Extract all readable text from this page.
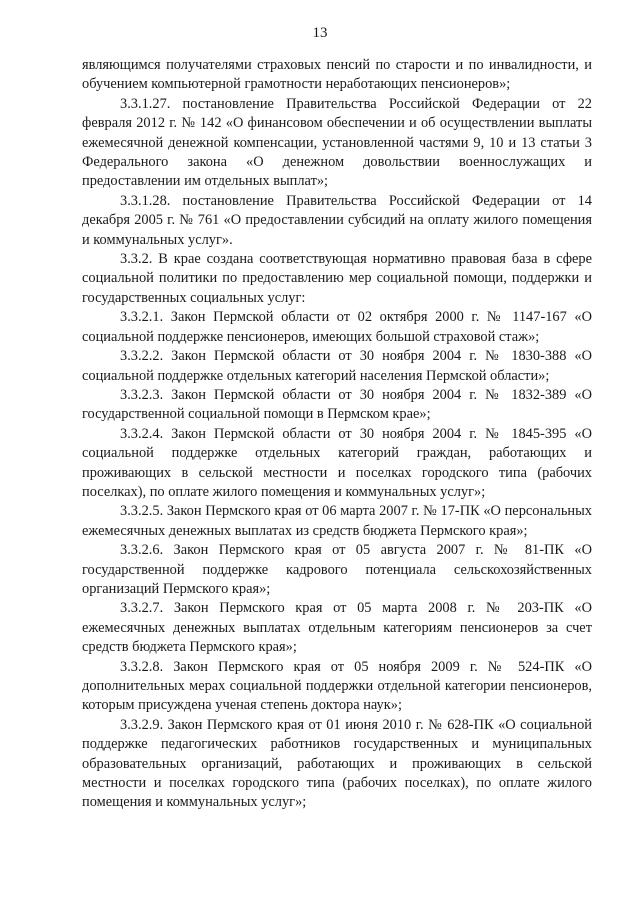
13

являющимся получателями страховых пенсий по старости и по инвалидности, и обучением компьютерной грамотности неработающих пенсионеров»;

3.3.1.27. постановление Правительства Российской Федерации от 22 февраля 2012 г. № 142 «О финансовом обеспечении и об осуществлении выплаты ежемесячной денежной компенсации, установленной частями 9, 10 и 13 статьи 3 Федерального закона «О денежном довольствии военнослужащих и предоставлении им отдельных выплат»;

3.3.1.28. постановление Правительства Российской Федерации от 14 декабря 2005 г. № 761 «О предоставлении субсидий на оплату жилого помещения и коммунальных услуг».

3.3.2. В крае создана соответствующая нормативно правовая база в сфере социальной политики по предоставлению мер социальной помощи, поддержки и государственных социальных услуг:

3.3.2.1. Закон Пермской области от 02 октября 2000 г. № 1147-167 «О социальной поддержке пенсионеров, имеющих большой страховой стаж»;

3.3.2.2. Закон Пермской области от 30 ноября 2004 г. № 1830-388 «О социальной поддержке отдельных категорий населения Пермской области»;

3.3.2.3. Закон Пермской области от 30 ноября 2004 г. № 1832-389 «О государственной социальной помощи в Пермском крае»;

3.3.2.4. Закон Пермской области от 30 ноября 2004 г. № 1845-395 «О социальной поддержке отдельных категорий граждан, работающих и проживающих в сельской местности и поселках городского типа (рабочих поселках), по оплате жилого помещения и коммунальных услуг»;

3.3.2.5. Закон Пермского края от 06 марта 2007 г. № 17-ПК «О персональных ежемесячных денежных выплатах из средств бюджета Пермского края»;

3.3.2.6. Закон Пермского края от 05 августа 2007 г. № 81-ПК «О государственной поддержке кадрового потенциала сельскохозяйственных организаций Пермского края»;

3.3.2.7. Закон Пермского края от 05 марта 2008 г. № 203-ПК «О ежемесячных денежных выплатах отдельным категориям пенсионеров за счет средств бюджета Пермского края»;

3.3.2.8. Закон Пермского края от 05 ноября 2009 г. № 524-ПК «О дополнительных мерах социальной поддержки отдельной категории пенсионеров, которым присуждена ученая степень доктора наук»;

3.3.2.9. Закон Пермского края от 01 июня 2010 г. № 628-ПК «О социальной поддержке педагогических работников государственных и муниципальных образовательных организаций, работающих и проживающих в сельской местности и поселках городского типа (рабочих поселках), по оплате жилого помещения и коммунальных услуг»;
